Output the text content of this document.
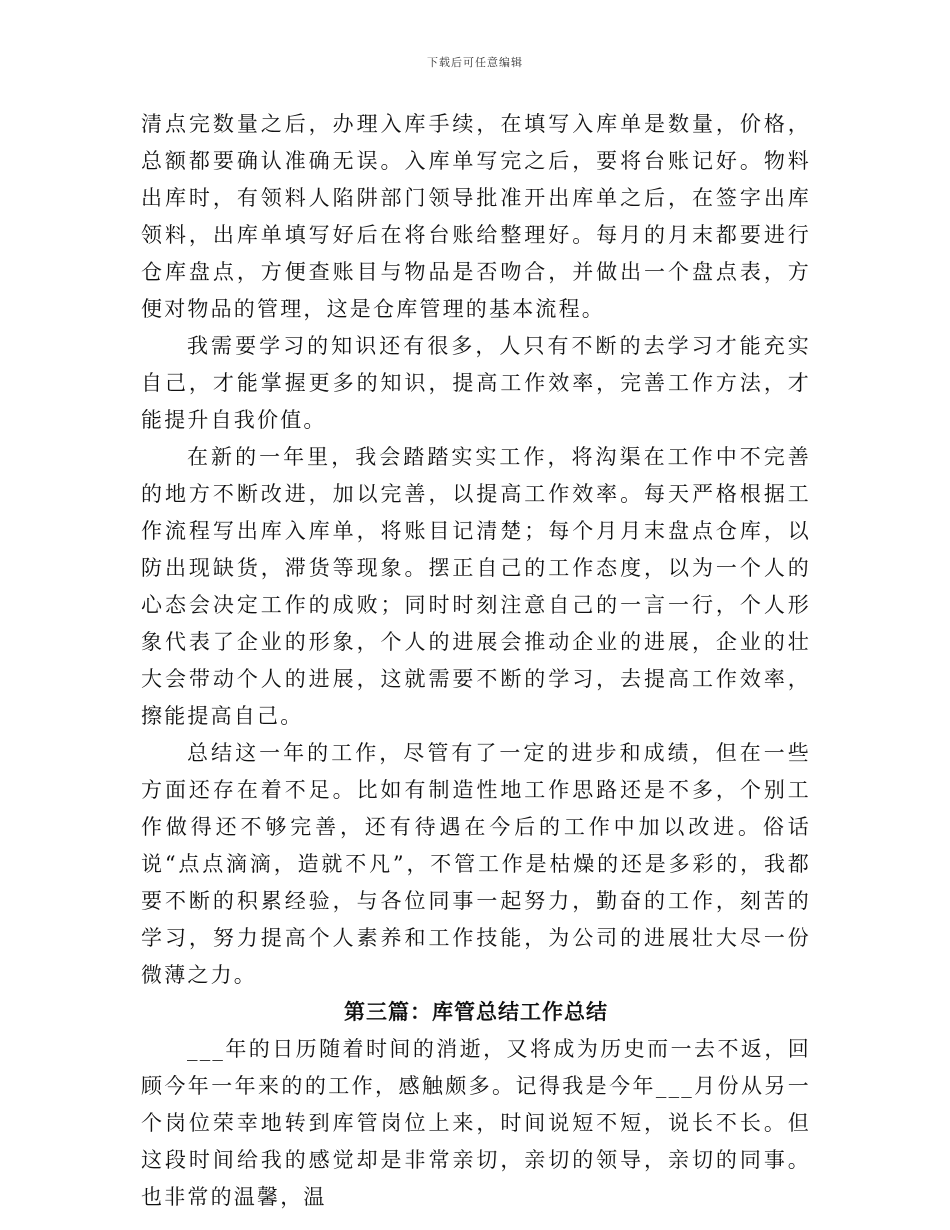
下载后可任意编辑

清点完数量之后，办理入库手续，在填写入库单是数量，价格，总额都要确认准确无误。入库单写完之后，要将台账记好。物料出库时，有领料人陷阱部门领导批准开出库单之后，在签字出库领料，出库单填写好后在将台账给整理好。每月的月末都要进行仓库盘点，方便查账目与物品是否吻合，并做出一个盘点表，方便对物品的管理，这是仓库管理的基本流程。

我需要学习的知识还有很多，人只有不断的去学习才能充实自己，才能掌握更多的知识，提高工作效率，完善工作方法，才能提升自我价值。

在新的一年里，我会踏踏实实工作，将沟渠在工作中不完善的地方不断改进，加以完善，以提高工作效率。每天严格根据工作流程写出库入库单，将账目记清楚；每个月月末盘点仓库，以防出现缺货，滞货等现象。摆正自己的工作态度，以为一个人的心态会决定工作的成败；同时时刻注意自己的一言一行，个人形象代表了企业的形象，个人的进展会推动企业的进展，企业的壮大会带动个人的进展，这就需要不断的学习，去提高工作效率，擦能提高自己。

总结这一年的工作，尽管有了一定的进步和成绩，但在一些方面还存在着不足。比如有制造性地工作思路还是不多，个别工作做得还不够完善，还有待遇在今后的工作中加以改进。俗话说“点点滴滴，造就不凡”，不管工作是枯燥的还是多彩的，我都要不断的积累经验，与各位同事一起努力，勤奋的工作，刻苦的学习，努力提高个人素养和工作技能，为公司的进展壮大尽一份微薄之力。

第三篇：库管总结工作总结

___年的日历随着时间的消逝，又将成为历史而一去不返，回顾今年一年来的的工作，感触颇多。记得我是今年___月份从另一个岗位荣幸地转到库管岗位上来，时间说短不短，说长不长。但这段时间给我的感觉却是非常亲切，亲切的领导，亲切的同事。也非常的温馨，温
